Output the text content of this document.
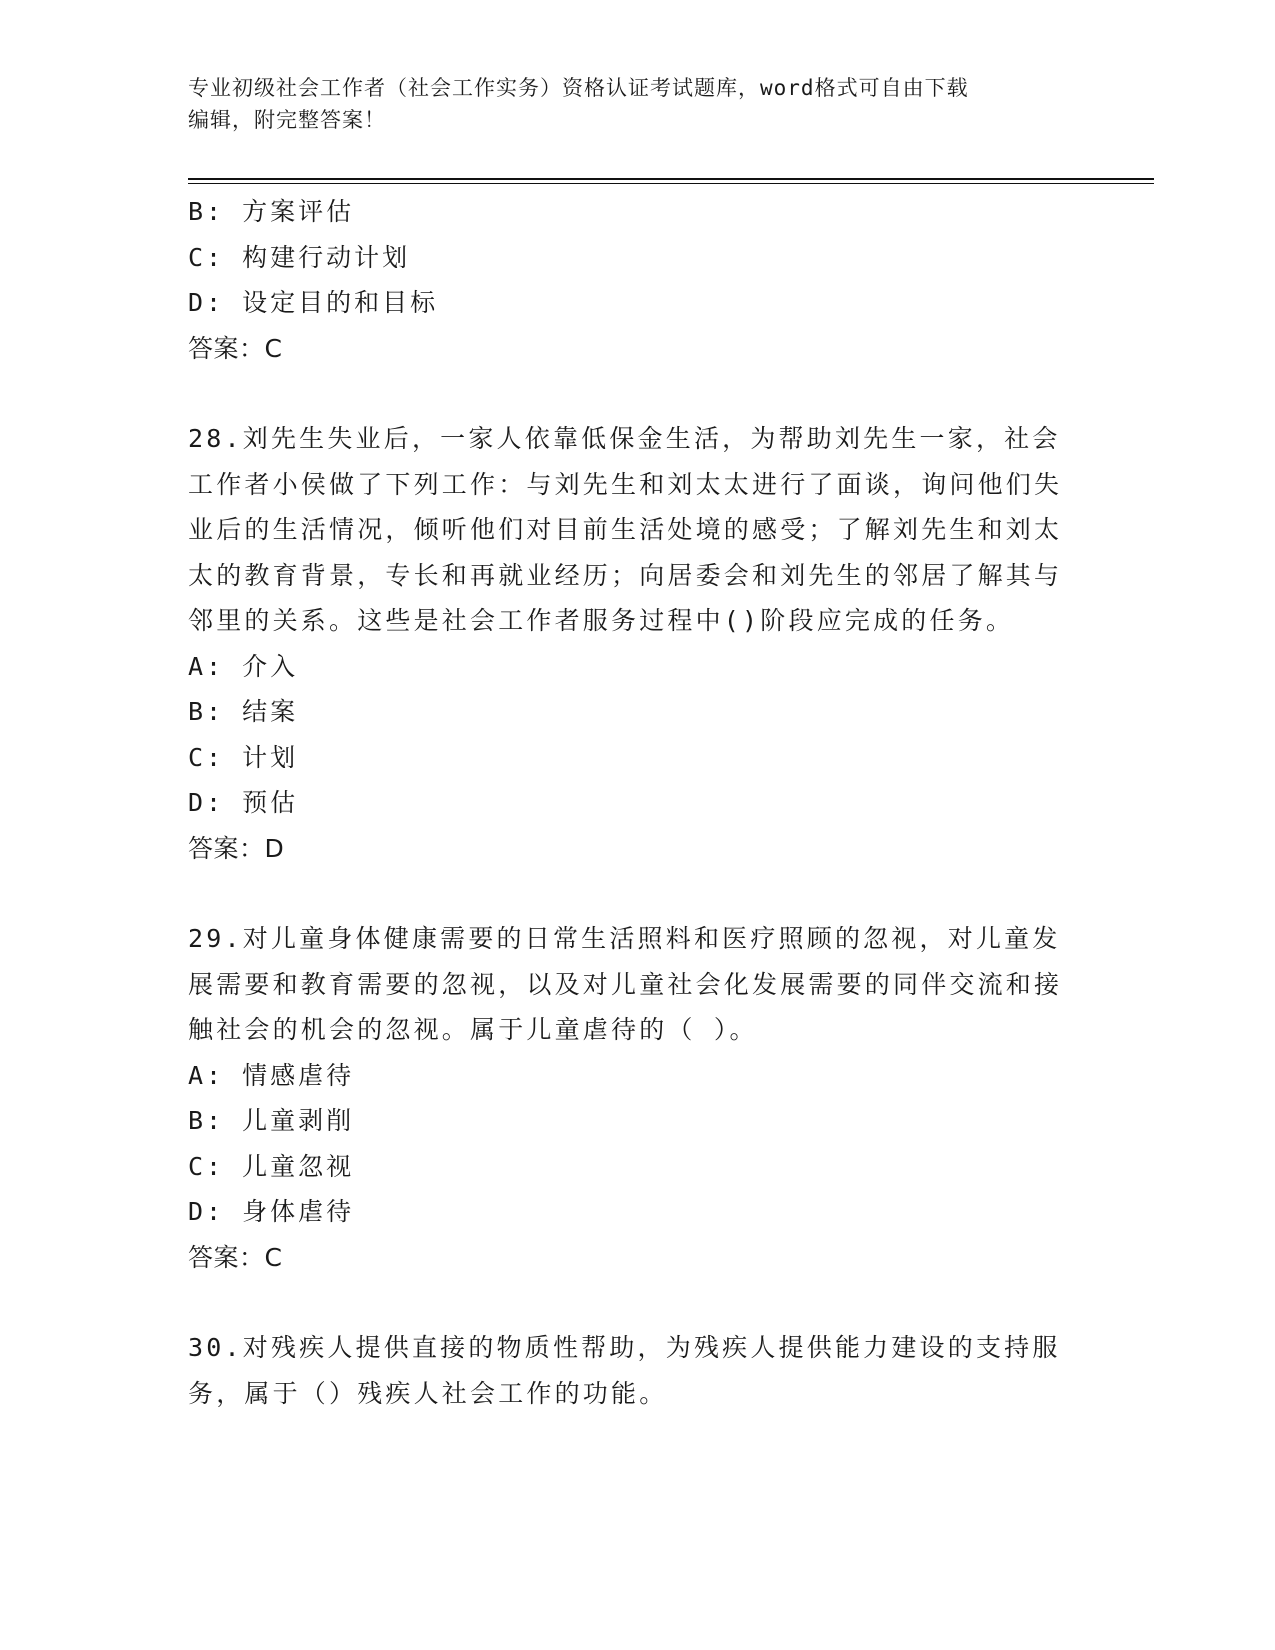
专业初级社会工作者（社会工作实务）资格认证考试题库，word格式可自由下载
编辑，附完整答案！
B: 方案评估
C: 构建行动计划
D: 设定目的和目标
答案：C
28.刘先生失业后，一家人依靠低保金生活，为帮助刘先生一家，社会工作者小侯做了下列工作：与刘先生和刘太太进行了面谈，询问他们失业后的生活情况，倾听他们对目前生活处境的感受；了解刘先生和刘太太的教育背景，专长和再就业经历；向居委会和刘先生的邻居了解其与邻里的关系。这些是社会工作者服务过程中()阶段应完成的任务。
A: 介入
B: 结案
C: 计划
D: 预估
答案：D
29.对儿童身体健康需要的日常生活照料和医疗照顾的忽视，对儿童发展需要和教育需要的忽视，以及对儿童社会化发展需要的同伴交流和接触社会的机会的忽视。属于儿童虐待的（ ）。
A: 情感虐待
B: 儿童剥削
C: 儿童忽视
D: 身体虐待
答案：C
30.对残疾人提供直接的物质性帮助，为残疾人提供能力建设的支持服务，属于（）残疾人社会工作的功能。
